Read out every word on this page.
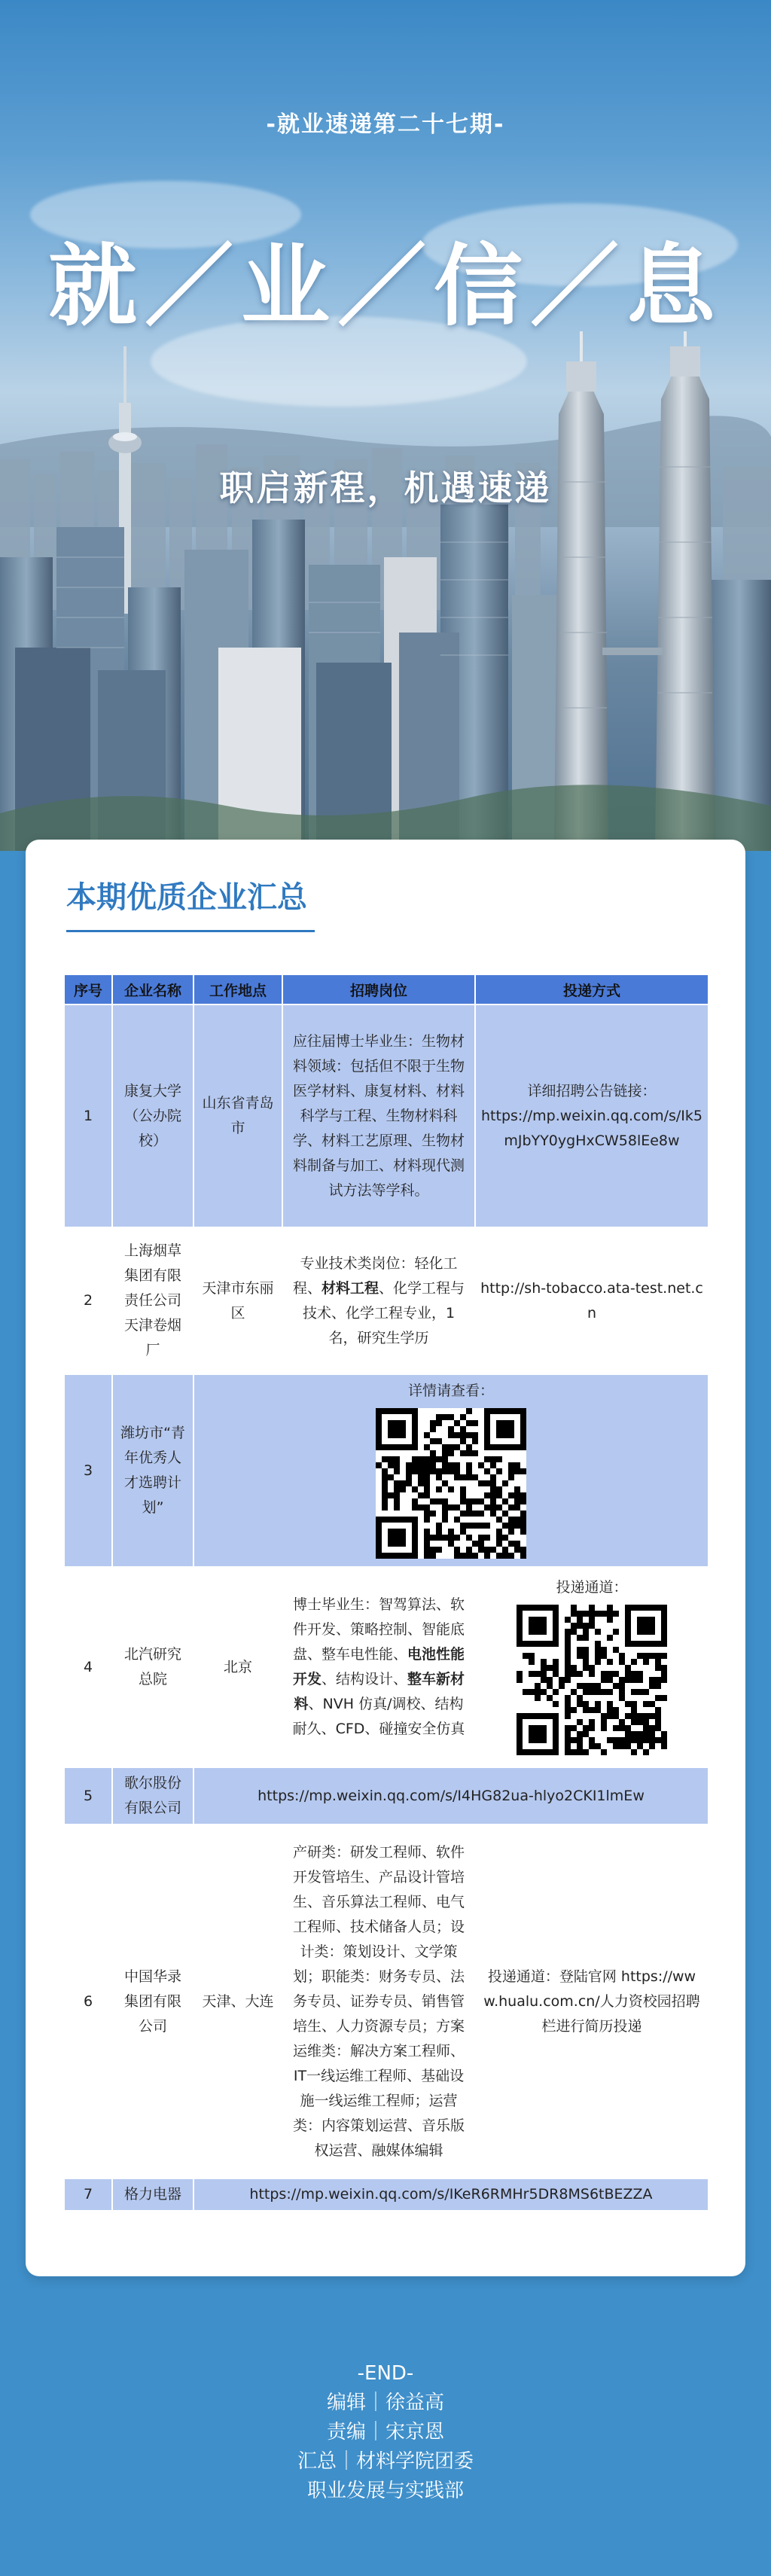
-就业速递第二十七期-
就／业／信／息
职启新程，机遇速递
本期优质企业汇总
序号	企业名称	工作地点	招聘岗位	投递方式
1	康复大学（公办院校）	山东省青岛市	应往届博士毕业生：生物材料领域：包括但不限于生物医学材料、康复材料、材料科学与工程、生物材料科学、材料工艺原理、生物材料制备与加工、材料现代测试方法等学科。	详细招聘公告链接：
https://mp.weixin.qq.com/s/Ik5mJbYY0ygHxCW58lEe8w
2	上海烟草集团有限责任公司天津卷烟厂	天津市东丽区	专业技术类岗位：轻化工程、材料工程、化学工程与技术、化学工程专业，1 名，研究生学历	http://sh-tobacco.ata-test.net.cn
3	潍坊市“青年优秀人才选聘计划”	详情请查看：		

4	北汽研究总院	北京	博士毕业生：智驾算法、软件开发、策略控制、智能底盘、整车电性能、电池性能开发、结构设计、整车新材料、NVH 仿真/调校、结构耐久、CFD、碰撞安全仿真	投递通道：

5	歌尔股份有限公司	https://mp.weixin.qq.com/s/I4HG82ua-hlyo2CKI1lmEw		
6	中国华录集团有限公司	天津、大连	产研类：研发工程师、软件开发管培生、产品设计管培生、音乐算法工程师、电气工程师、技术储备人员；设计类：策划设计、文学策划；职能类：财务专员、法务专员、证券专员、销售管培生、人力资源专员；方案运维类：解决方案工程师、IT一线运维工程师、基础设施一线运维工程师；运营类：内容策划运营、音乐版权运营、融媒体编辑	投递通道：登陆官网 https://www.hualu.com.cn/人力资校园招聘栏进行简历投递
7	格力电器	https://mp.weixin.qq.com/s/IKeR6RMHr5DR8MS6tBEZZA		
-END-
编辑｜徐益高
责编｜宋京恩
汇总｜材料学院团委
职业发展与实践部
